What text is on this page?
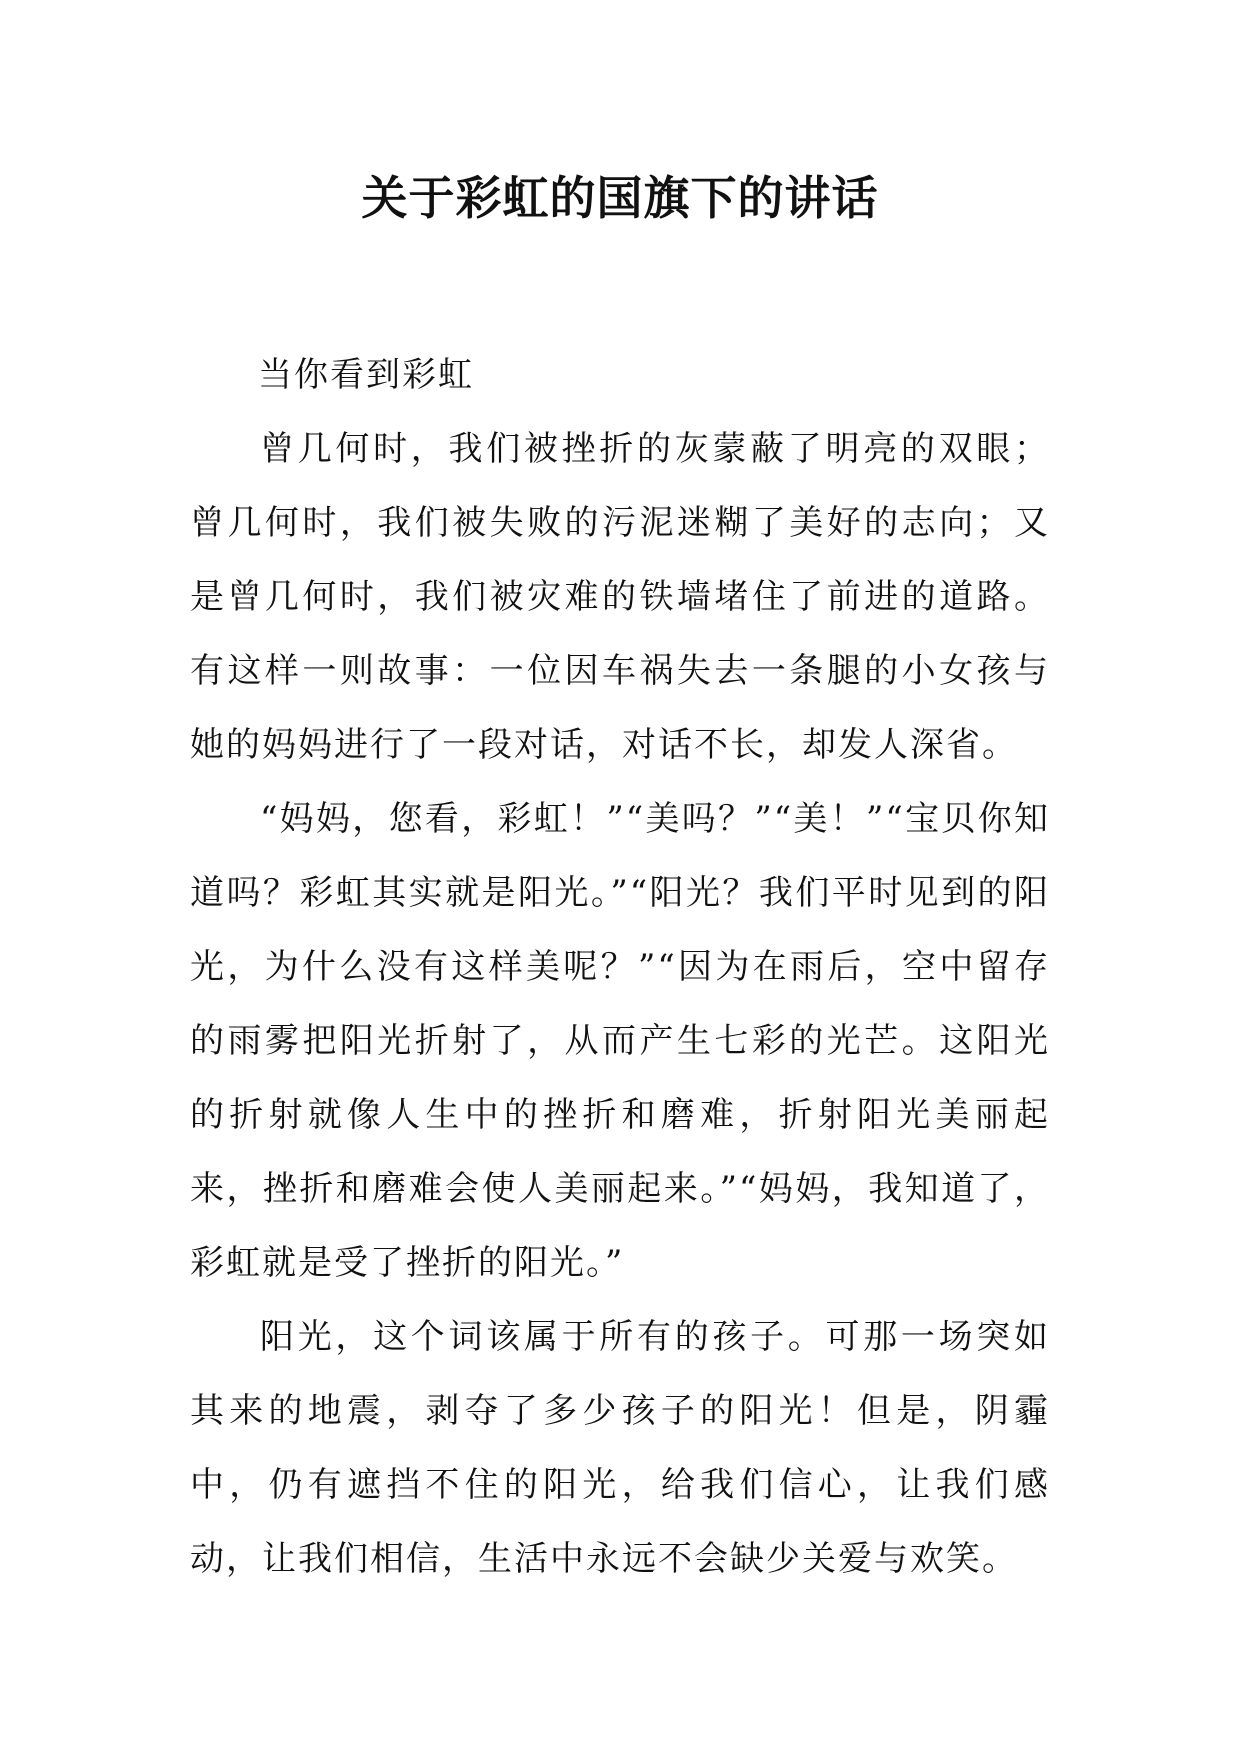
关于彩虹的国旗下的讲话

当你看到彩虹

曾几何时，我们被挫折的灰蒙蔽了明亮的双眼；曾几何时，我们被失败的污泥迷糊了美好的志向；又是曾几何时，我们被灾难的铁墙堵住了前进的道路。有这样一则故事：一位因车祸失去一条腿的小女孩与她的妈妈进行了一段对话，对话不长，却发人深省。

“妈妈，您看，彩虹！”“美吗？”“美！”“宝贝你知道吗？彩虹其实就是阳光。”“阳光？我们平时见到的阳光，为什么没有这样美呢？”“因为在雨后，空中留存的雨雾把阳光折射了，从而产生七彩的光芒。这阳光的折射就像人生中的挫折和磨难，折射阳光美丽起来，挫折和磨难会使人美丽起来。”“妈妈，我知道了，彩虹就是受了挫折的阳光。”

阳光，这个词该属于所有的孩子。可那一场突如其来的地震，剥夺了多少孩子的阳光！但是，阴霾中，仍有遮挡不住的阳光，给我们信心，让我们感动，让我们相信，生活中永远不会缺少关爱与欢笑。
